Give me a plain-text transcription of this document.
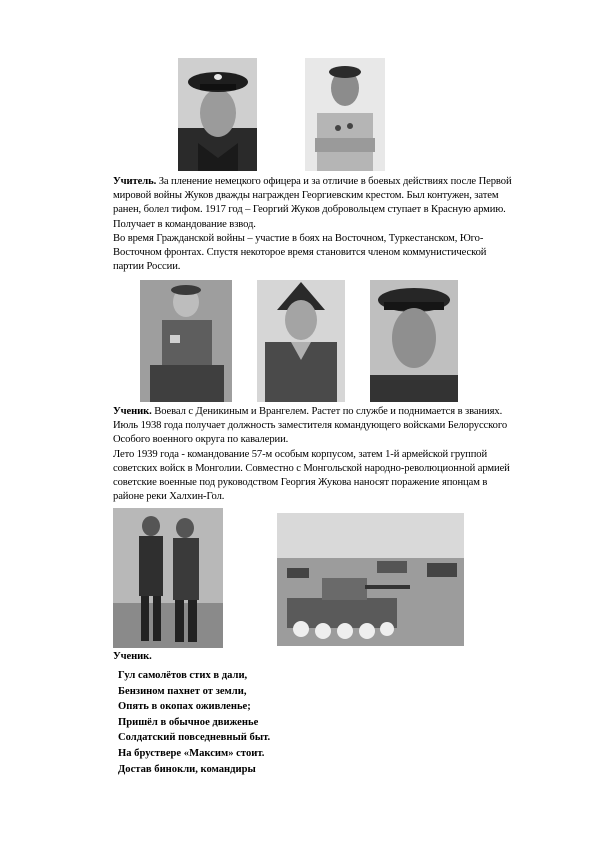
Учитель. За пленение немецкого офицера и за отличие в боевых действиях после Первой

мировой войны Жуков дважды награжден Георгиевским крестом. Был контужен, затем

ранен, болел тифом. 1917 год – Георгий Жуков добровольцем ступает в Красную армию.

Получает в командование взвод.

Во время Гражданской войны – участие в боях на Восточном, Туркестанском, Юго-

Восточном фронтах. Спустя некоторое время становится членом коммунистической

партии России.

Ученик. Воевал с Деникиным и Врангелем. Растет по службе и поднимается в званиях.

Июль 1938 года получает должность заместителя командующего войсками Белорусского

Особого военного округа по кавалерии.

Лето 1939 года - командование 57-м особым корпусом, затем 1-й армейской группой

советских войск в Монголии. Совместно с Монгольской народно-революционной армией

советские военные под руководством Георгия Жукова наносят поражение японцам в

районе реки Халхин-Гол.

Ученик.

Гул самолётов стих в дали,
Бензином пахнет от земли,
Опять в окопах оживленье;
Пришёл в обычное движенье
Солдатский повседневный быт.
На бруствере «Максим» стоит.
Достав бинокли, командиры
